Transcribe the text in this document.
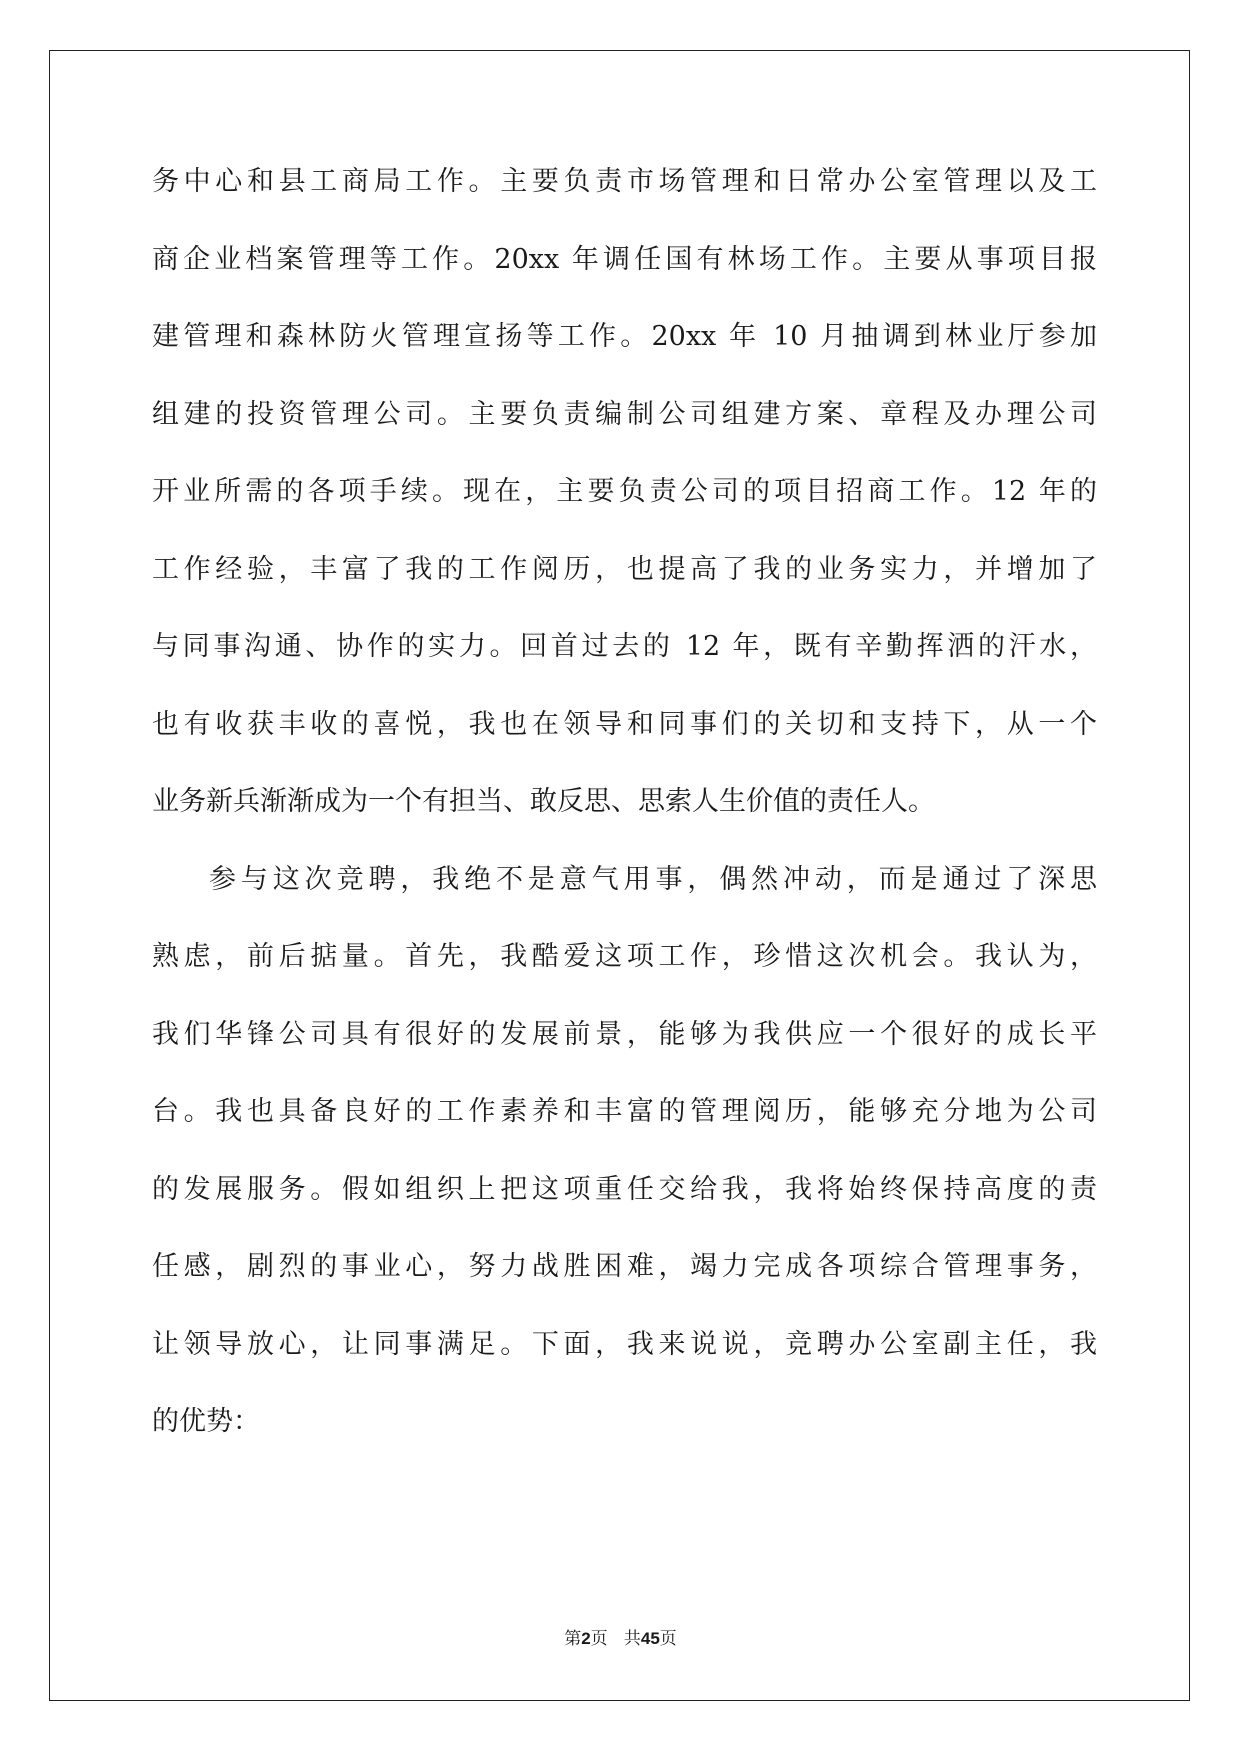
务中心和县工商局工作。主要负责市场管理和日常办公室管理以及工
商企业档案管理等工作。20xx 年调任国有林场工作。主要从事项目报
建管理和森林防火管理宣扬等工作。20xx 年 10 月抽调到林业厅参加
组建的投资管理公司。主要负责编制公司组建方案、章程及办理公司
开业所需的各项手续。现在，主要负责公司的项目招商工作。12 年的
工作经验，丰富了我的工作阅历，也提高了我的业务实力，并增加了
与同事沟通、协作的实力。回首过去的 12 年，既有辛勤挥洒的汗水，
也有收获丰收的喜悦，我也在领导和同事们的关切和支持下，从一个
业务新兵渐渐成为一个有担当、敢反思、思索人生价值的责任人。
参与这次竞聘，我绝不是意气用事，偶然冲动，而是通过了深思
熟虑，前后掂量。首先，我酷爱这项工作，珍惜这次机会。我认为，
我们华锋公司具有很好的发展前景，能够为我供应一个很好的成长平
台。我也具备良好的工作素养和丰富的管理阅历，能够充分地为公司
的发展服务。假如组织上把这项重任交给我，我将始终保持高度的责
任感，剧烈的事业心，努力战胜困难，竭力完成各项综合管理事务，
让领导放心，让同事满足。下面，我来说说，竞聘办公室副主任，我
的优势：
第2页 共45页
